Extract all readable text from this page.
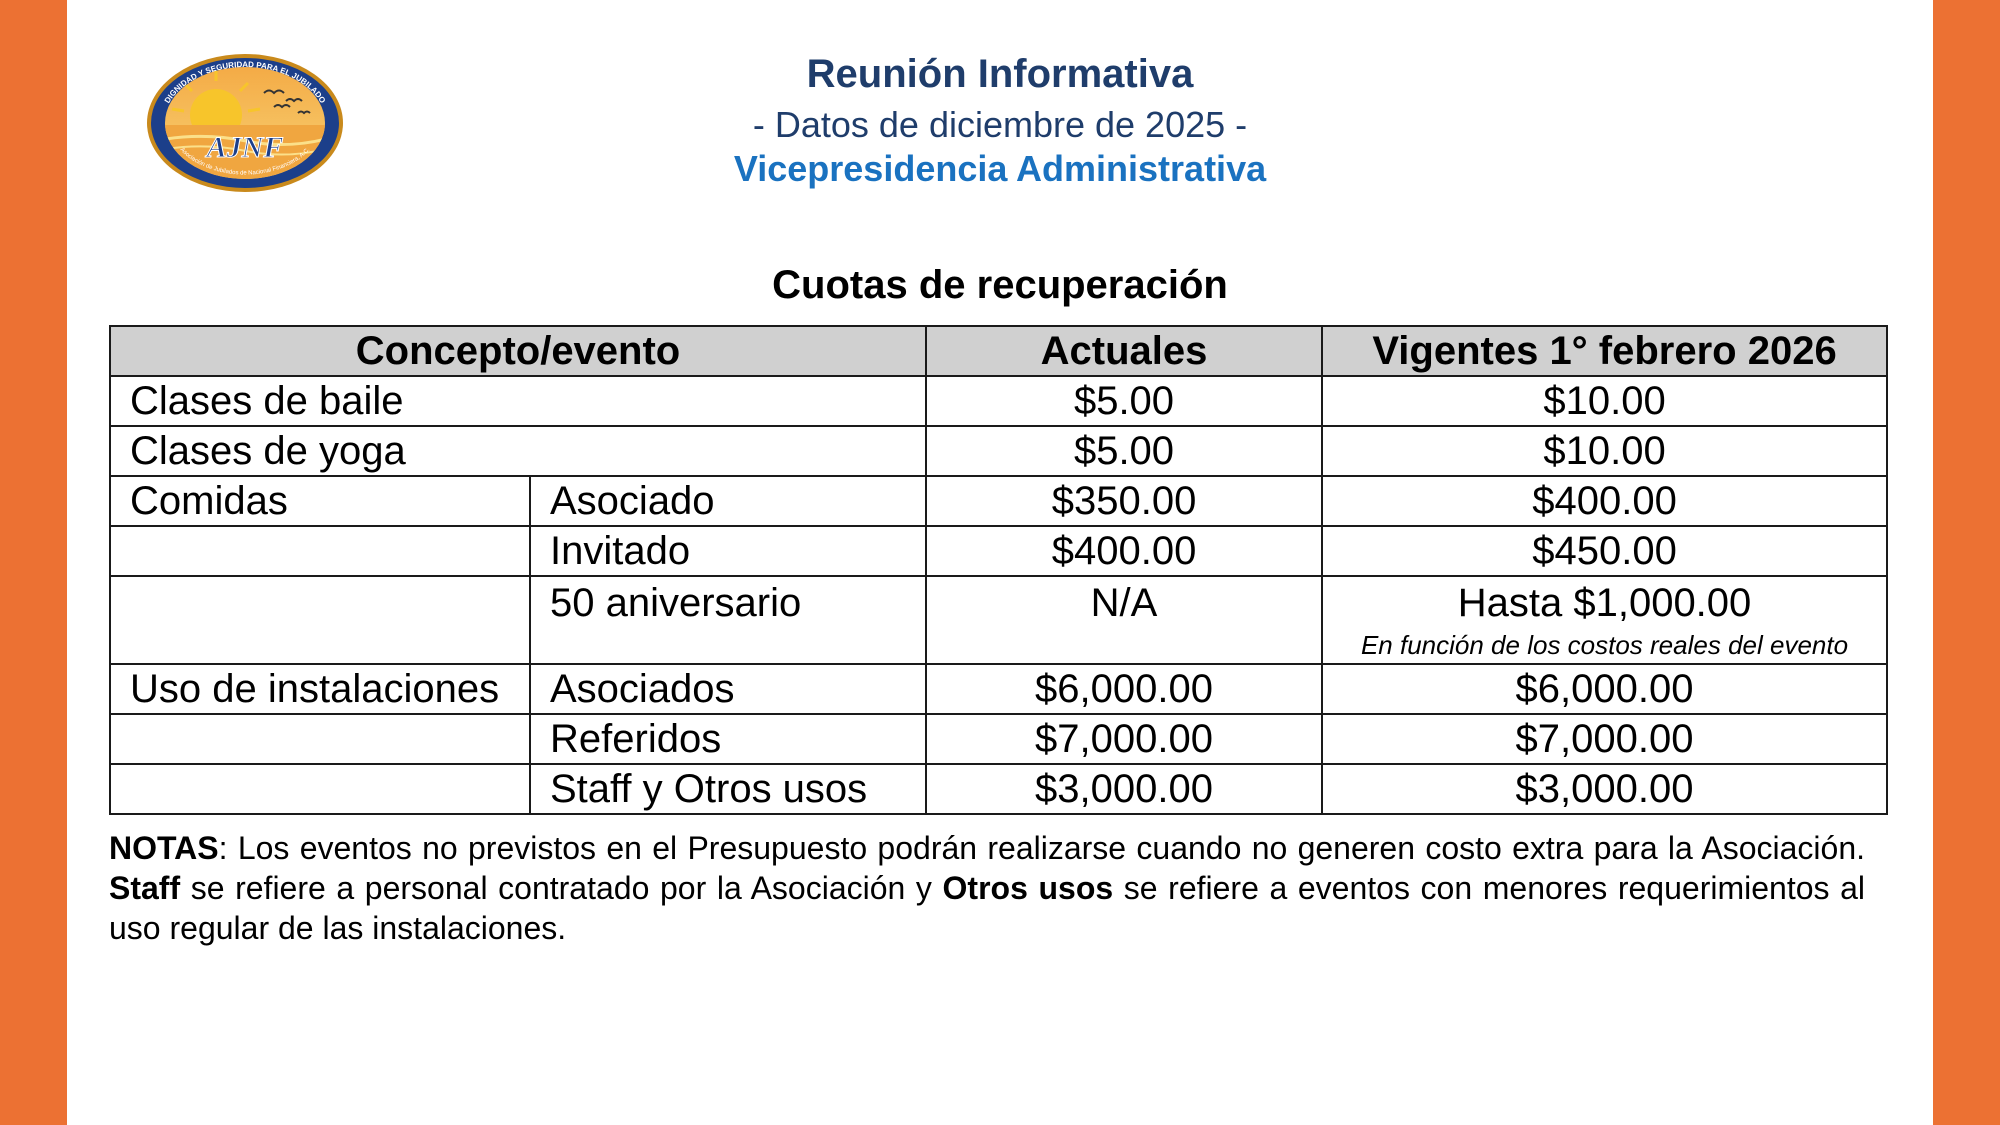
DIGNIDAD Y SEGURIDAD PARA EL JUBILADO
Asociación de Jubilados de Nacional Financiera, A.C.
AJNF
Reunión Informativa
- Datos de diciembre de 2025 -
Vicepresidencia Administrativa
Cuotas de recuperación
Concepto/evento		Actuales	Vigentes 1° febrero 2026
Clases de baile		$5.00	$10.00
Clases de yoga		$5.00	$10.00
Comidas	Asociado	$350.00	$400.00
	Invitado	$400.00	$450.00
	50 aniversario	N/A	Hasta $1,000.00
En función de los costos reales del evento

Uso de instalaciones	Asociados	$6,000.00	$6,000.00
	Referidos	$7,000.00	$7,000.00
	Staff y Otros usos	$3,000.00	$3,000.00
NOTAS: Los eventos no previstos en el Presupuesto podrán realizarse cuando no generen costo extra para la Asociación. Staff se refiere a personal contratado por la Asociación y Otros usos se refiere a eventos con menores requerimientos al uso regular de las instalaciones.
